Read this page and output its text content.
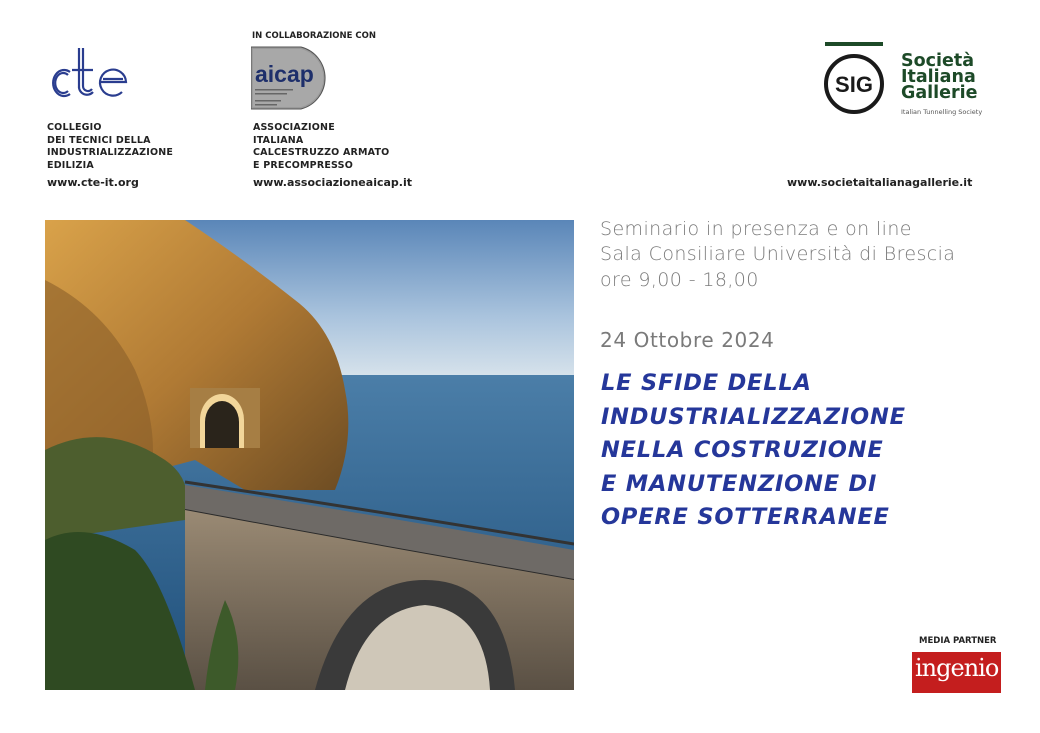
cte
COLLEGIO
DEI TECNICI DELLA
INDUSTRIALIZZAZIONE
EDILIZIA
www.cte-it.org
IN COLLABORAZIONE CON
aicap
ASSOCIAZIONE
ITALIANA
CALCESTRUZZO ARMATO
E PRECOMPRESSO
www.associazioneaicap.it
SIG
Società
Italiana
Gallerie
Italian Tunnelling Society
www.societaitalianagallerie.it
Seminario in presenza e on line
Sala Consiliare Università di Brescia
ore 9,00 - 18,00
24 Ottobre 2024
LE SFIDE DELLA
INDUSTRIALIZZAZIONE
NELLA COSTRUZIONE
E MANUTENZIONE DI
OPERE SOTTERRANEE
MEDIA PARTNER
ingenio
